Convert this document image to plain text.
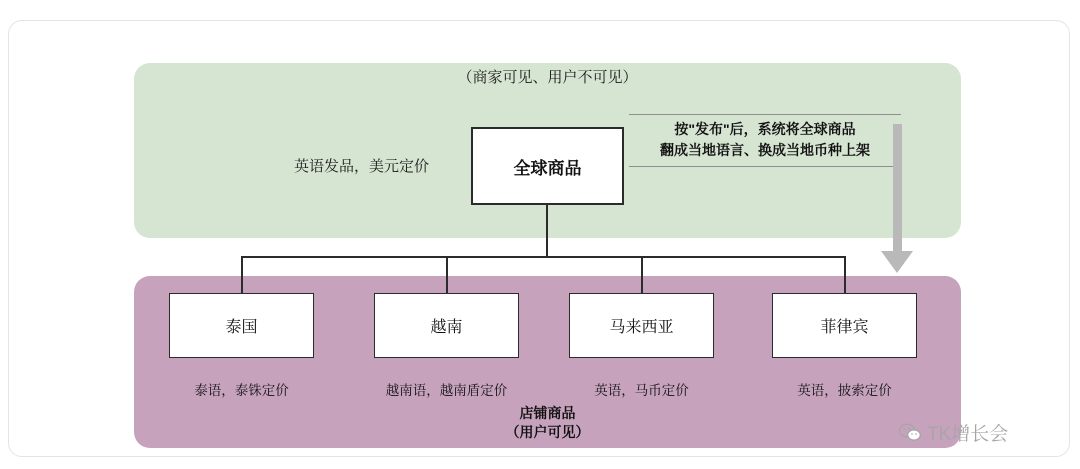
（商家可见、用户不可见）
英语发品，美元定价	全球商品
按"发布"后，系统将全球商品
翻成当地语言、换成当地币种上架
泰国	越南	马来西亚	菲律宾
泰语，泰铢定价	越南语，越南盾定价	英语，马币定价	英语，披索定价
店铺商品
（用户可见）	TK增长会
